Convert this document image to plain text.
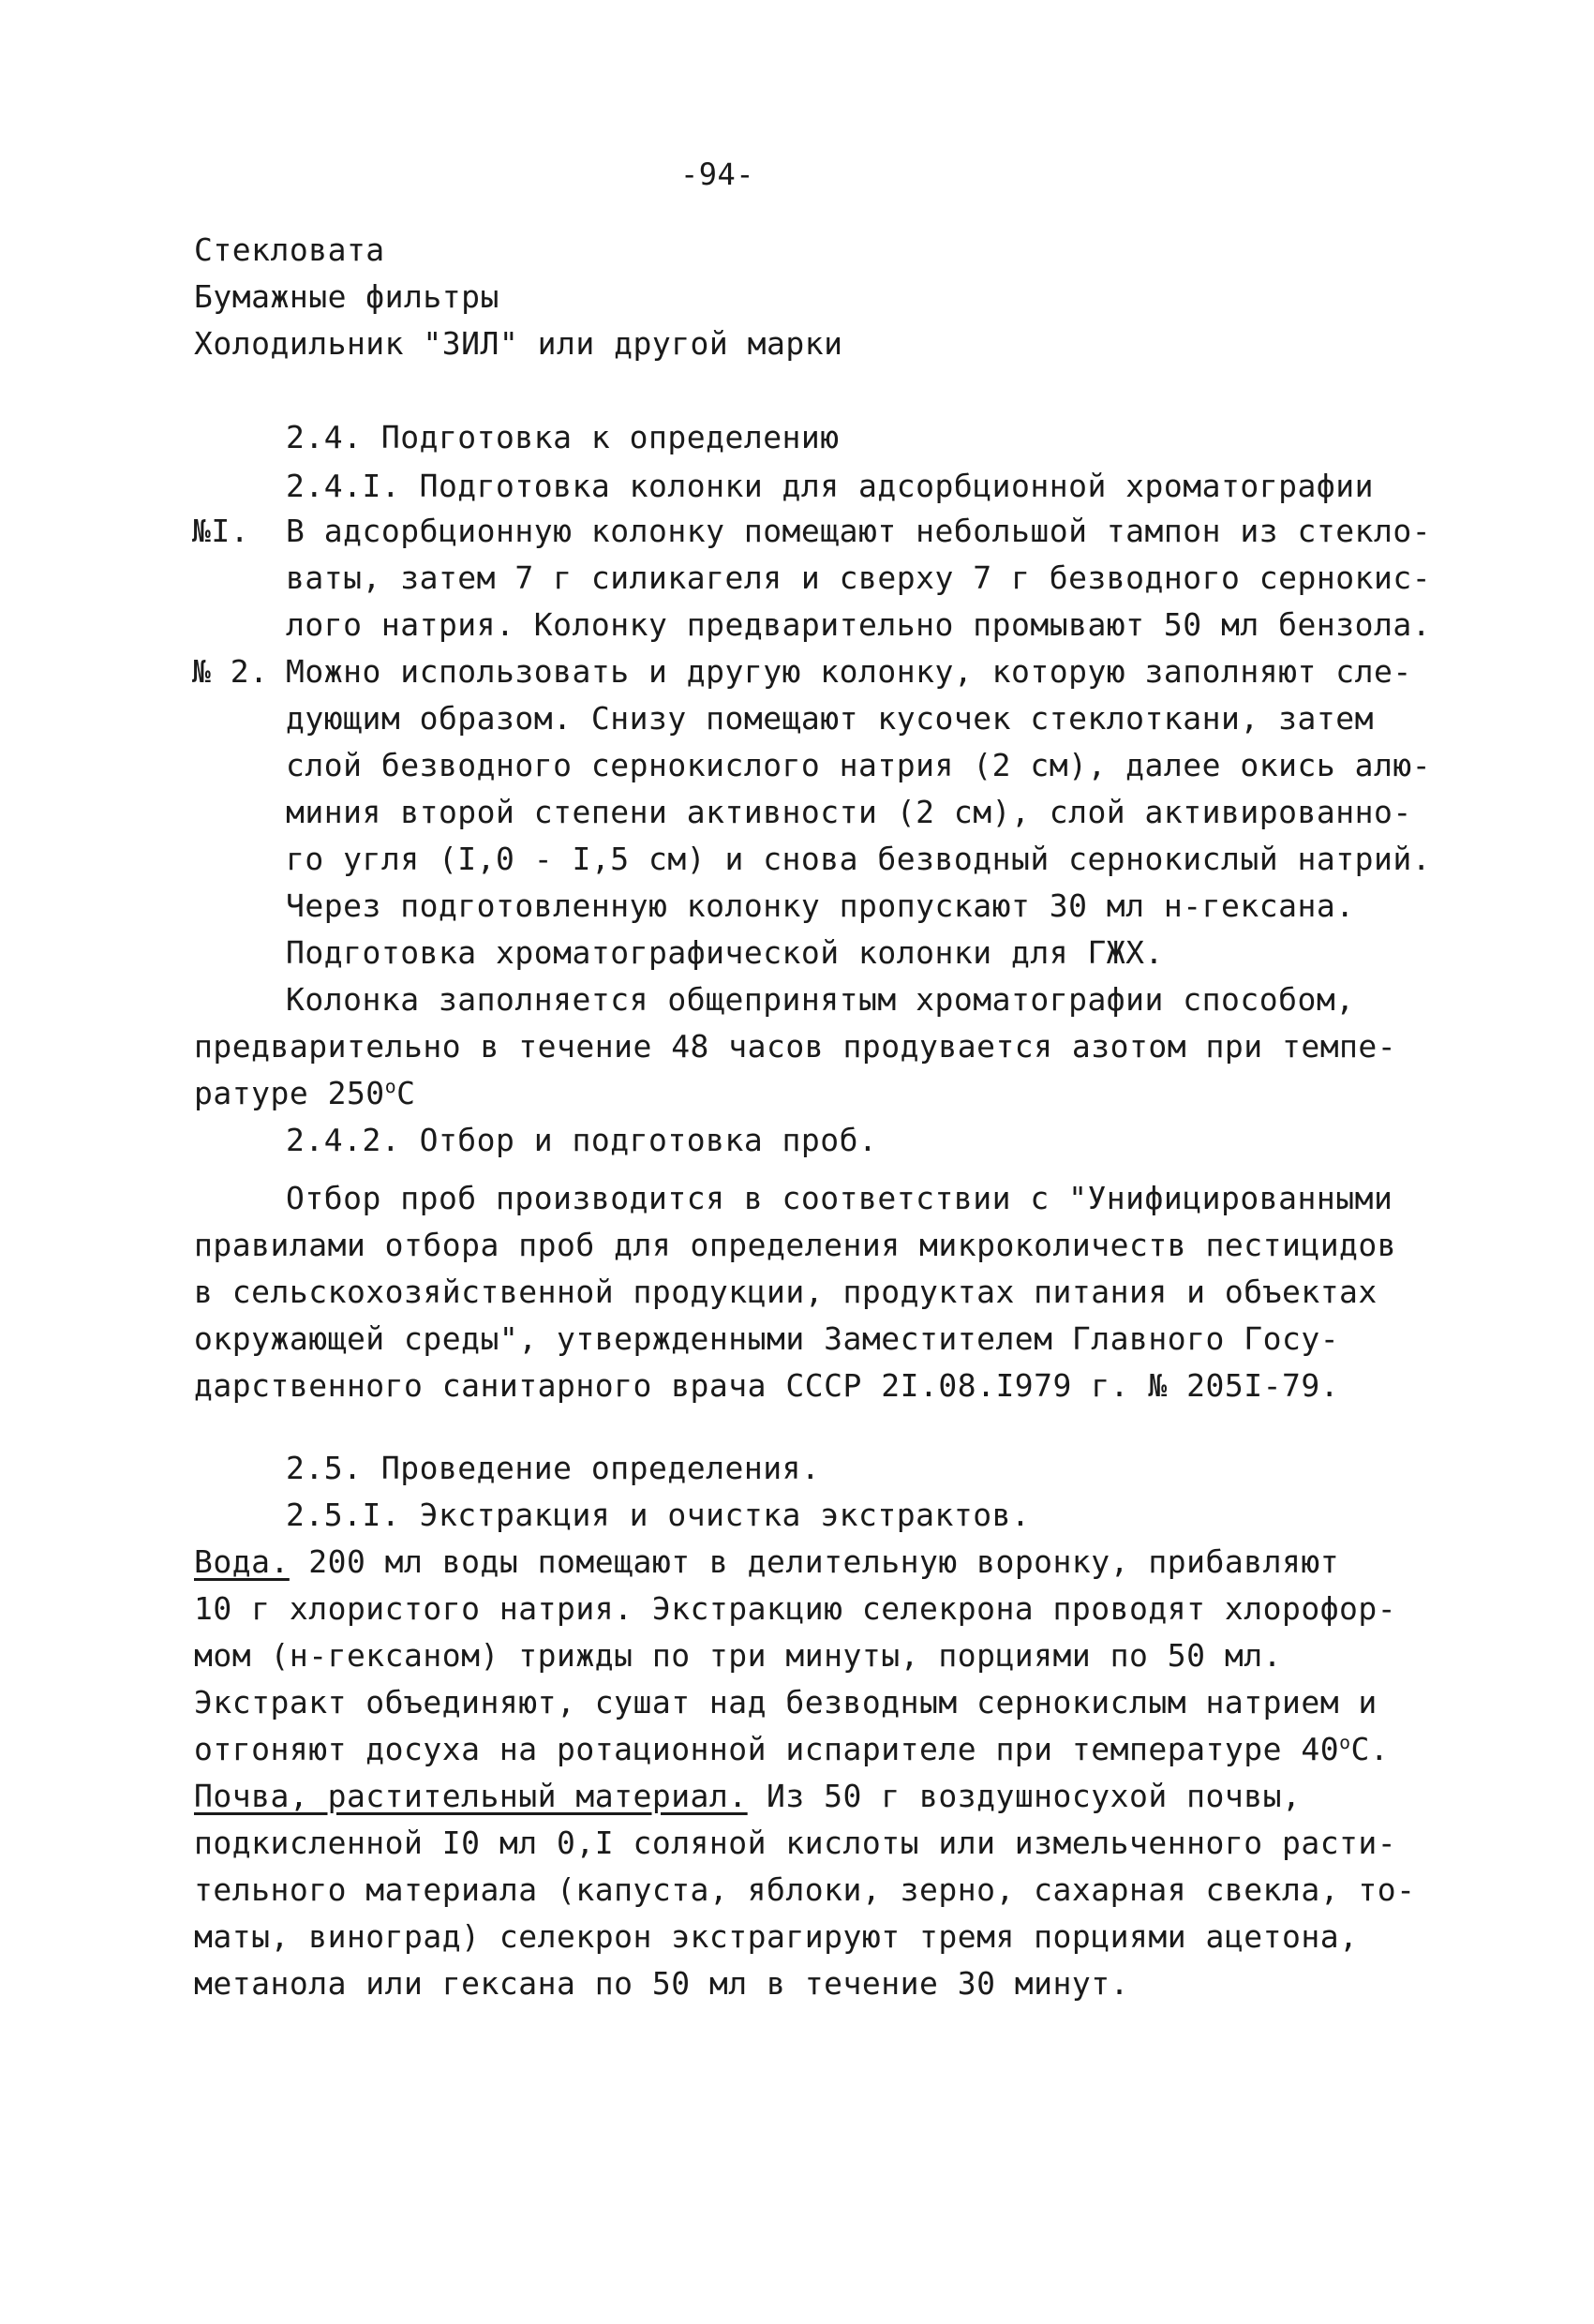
-94-
Стекловата
Бумажные фильтры
Холодильник "ЗИЛ" или другой марки
2.4. Подготовка к определению
2.4.I. Подготовка колонки для адсорбционной хроматографии
№I. В адсорбционную колонку помещают небольшой тампон из стекло-
ваты, затем 7 г силикагеля и сверху 7 г безводного сернокис-
лого натрия. Колонку предварительно промывают 50 мл бензола.
№ 2. Можно использовать и другую колонку, которую заполняют сле-
дующим образом. Снизу помещают кусочек стеклоткани, затем
слой безводного сернокислого натрия (2 см), далее окись алю-
миния второй степени активности (2 см), слой активированно-
го угля (I,0 - I,5 см) и снова безводный сернокислый натрий.
Через подготовленную колонку пропускают 30 мл н-гексана.
Подготовка хроматографической колонки для ГЖХ.
Колонка заполняется общепринятым хроматографии способом,
предварительно в течение 48 часов продувается азотом при темпе-
ратуре $250^оС$
2.4.2. Отбор и подготовка проб.
Отбор проб производится в соответствии с "Унифицированными
правилами отбора проб для определения микроколичеств пестицидов
в сельскохозяйственной продукции, продуктах питания и объектах
окружающей среды", утвержденными Заместителем Главного Госу-
дарственного санитарного врача СССР 2I.08.I979 г. № 205I-79.
2.5. Проведение определения.
2.5.I. Экстракция и очистка экстрактов.
Вода. 200 мл воды помещают в делительную воронку, прибавляют
10 г хлористого натрия. Экстракцию селекрона проводят хлорофор-
мом (н-гексаном) трижды по три минуты, порциями по 50 мл.
Экстракт объединяют, сушат над безводным сернокислым натрием и
отгоняют досуха на ротационной испарителе при температуре $40^оС$.
Почва, растительный материал. Из 50 г воздушносухой почвы,
подкисленной I0 мл 0,I соляной кислоты или измельченного расти-
тельного материала (капуста, яблоки, зерно, сахарная свекла, то-
маты, виноград) селекрон экстрагируют тремя порциями ацетона,
метанола или гексана по 50 мл в течение 30 минут.
